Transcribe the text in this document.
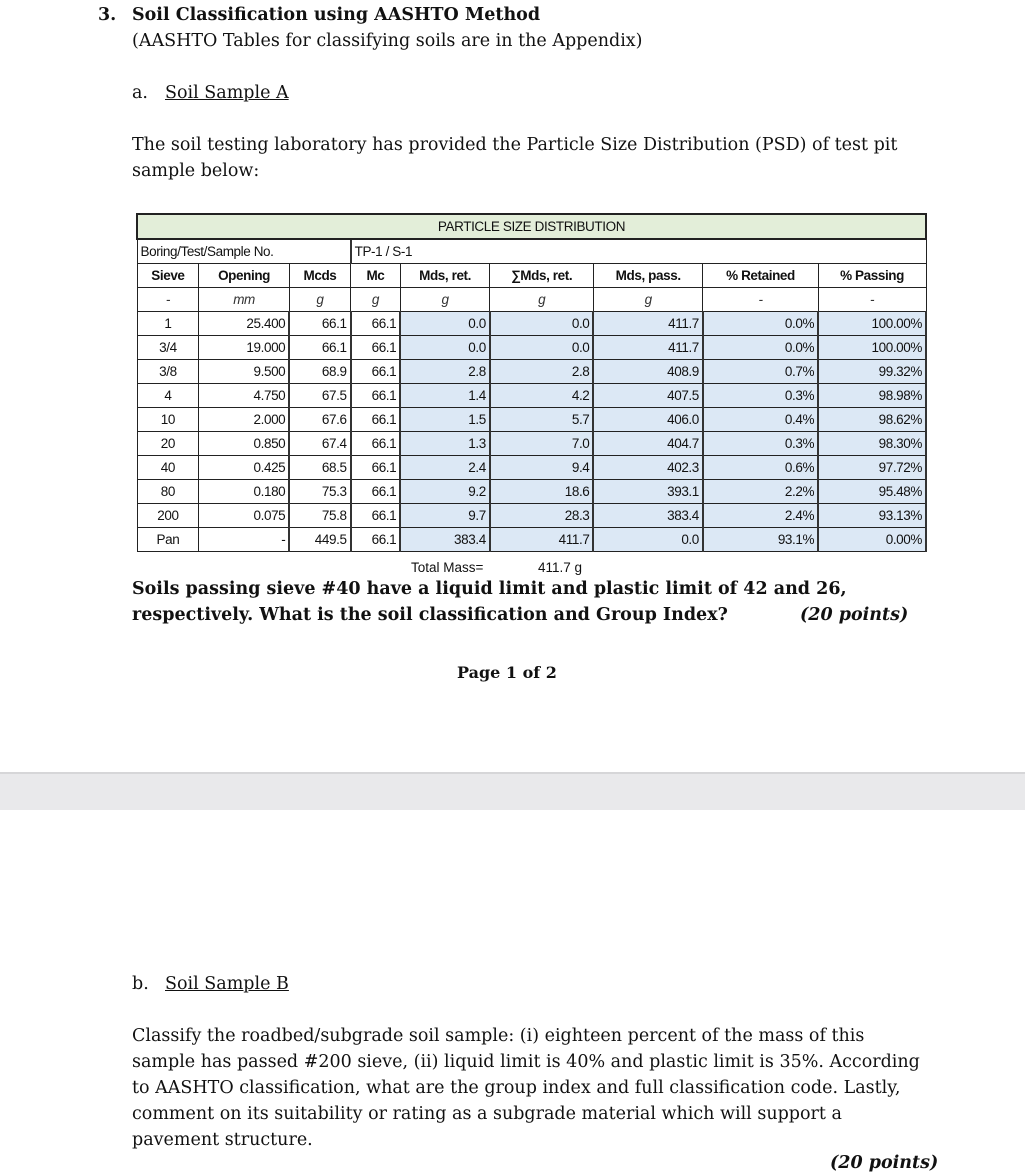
3. Soil Classification using AASHTO Method
(AASHTO Tables for classifying soils are in the Appendix)
a. Soil Sample A
The soil testing laboratory has provided the Particle Size Distribution (PSD) of test pit sample below:
PARTICLE SIZE DISTRIBUTION								
Boring/Test/Sample No.			TP-1 / S-1					
Sieve	Opening	Mcds	Mc	Mds, ret.	∑Mds, ret.	Mds, pass.	% Retained	% Passing
-	mm	g	g	g	g	g	-	-
1	25.400	66.1	66.1	0.0	0.0	411.7	0.0%	100.00%
3/4	19.000	66.1	66.1	0.0	0.0	411.7	0.0%	100.00%
3/8	9.500	68.9	66.1	2.8	2.8	408.9	0.7%	99.32%
4	4.750	67.5	66.1	1.4	4.2	407.5	0.3%	98.98%
10	2.000	67.6	66.1	1.5	5.7	406.0	0.4%	98.62%
20	0.850	67.4	66.1	1.3	7.0	404.7	0.3%	98.30%
40	0.425	68.5	66.1	2.4	9.4	402.3	0.6%	97.72%
80	0.180	75.3	66.1	9.2	18.6	393.1	2.2%	95.48%
200	0.075	75.8	66.1	9.7	28.3	383.4	2.4%	93.13%
Pan	-	449.5	66.1	383.4	411.7	0.0	93.1%	0.00%
Total Mass=	411.7 g
Soils passing sieve #40 have a liquid limit and plastic limit of 42 and 26, respectively. What is the soil classification and Group Index?	(20 points)
Page 1 of 2
b. Soil Sample B
Classify the roadbed/subgrade soil sample: (i) eighteen percent of the mass of this sample has passed #200 sieve, (ii) liquid limit is 40% and plastic limit is 35%. According to AASHTO classification, what are the group index and full classification code. Lastly, comment on its suitability or rating as a subgrade material which will support a pavement structure.
(20 points)
